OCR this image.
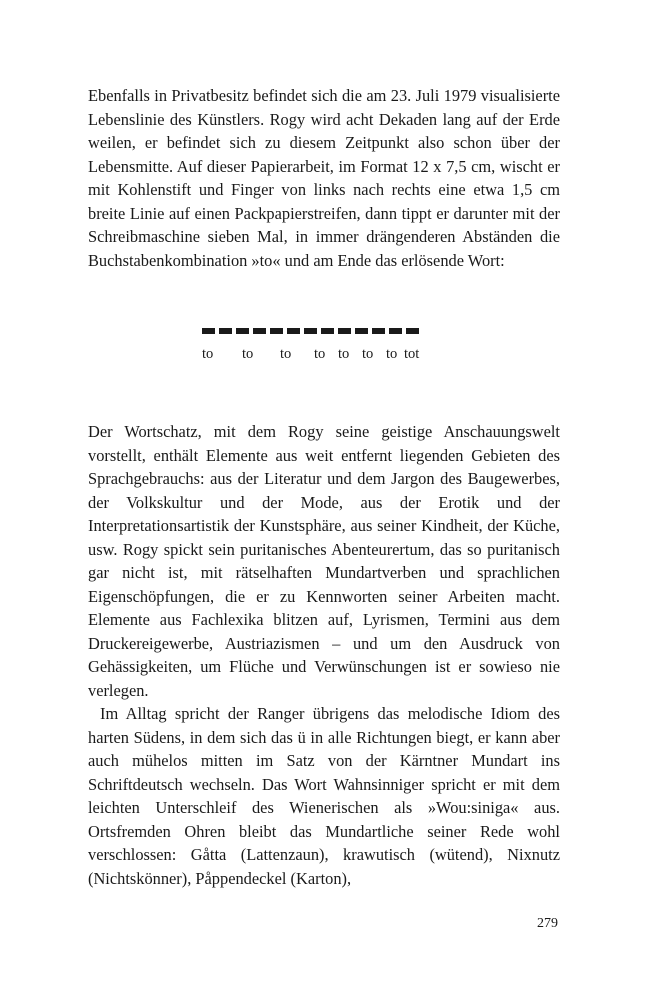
Ebenfalls in Privatbesitz befindet sich die am 23. Juli 1979 visualisierte Lebenslinie des Künstlers. Rogy wird acht Dekaden lang auf der Erde weilen, er befindet sich zu diesem Zeitpunkt also schon über der Lebensmitte. Auf dieser Papierarbeit, im Format 12 x 7,5 cm, wischt er mit Kohlenstift und Finger von links nach rechts eine etwa 1,5 cm breite Linie auf einen Packpapierstreifen, dann tippt er darunter mit der Schreibmaschine sieben Mal, in immer drängenderen Abständen die Buchstabenkombination »to« und am Ende das erlösende Wort:

to to to to to to to tot

Der Wortschatz, mit dem Rogy seine geistige Anschauungswelt vorstellt, enthält Elemente aus weit entfernt liegenden Gebieten des Sprachgebrauchs: aus der Literatur und dem Jargon des Baugewerbes, der Volkskultur und der Mode, aus der Erotik und der Interpretationsartistik der Kunstsphäre, aus seiner Kindheit, der Küche, usw. Rogy spickt sein puritanisches Abenteurertum, das so puritanisch gar nicht ist, mit rätselhaften Mundartverben und sprachlichen Eigenschöpfungen, die er zu Kennworten seiner Arbeiten macht. Elemente aus Fachlexika blitzen auf, Lyrismen, Termini aus dem Druckereigewerbe, Austriazismen – und um den Ausdruck von Gehässigkeiten, um Flüche und Verwünschungen ist er sowieso nie verlegen.

Im Alltag spricht der Ranger übrigens das melodische Idiom des harten Südens, in dem sich das ü in alle Richtungen biegt, er kann aber auch mühelos mitten im Satz von der Kärntner Mundart ins Schriftdeutsch wechseln. Das Wort Wahnsinniger spricht er mit dem leichten Unterschleif des Wienerischen als »Wou:siniga« aus. Ortsfremden Ohren bleibt das Mundartliche seiner Rede wohl verschlossen: Gåtta (Lattenzaun), krawutisch (wütend), Nixnutz (Nichtskönner), Påppendeckel (Karton),

279
